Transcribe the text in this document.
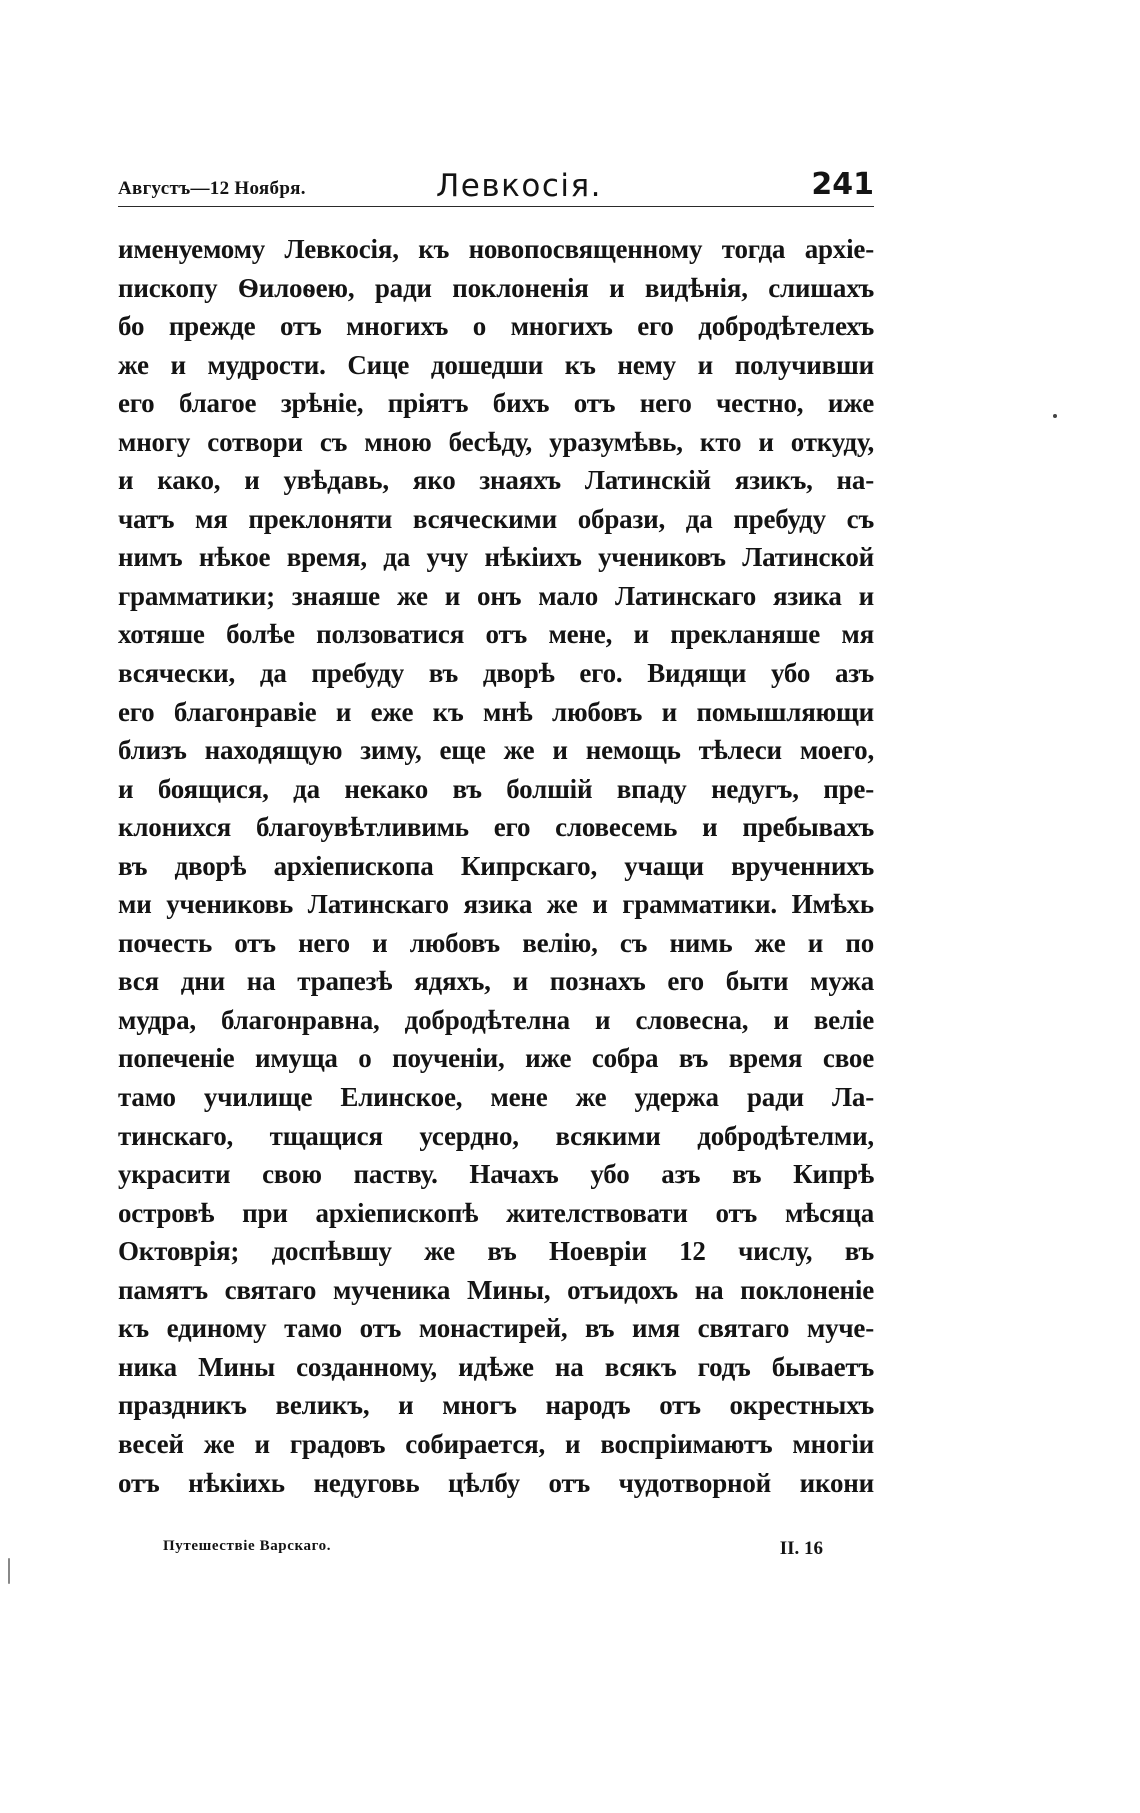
Августъ—12 Ноября.	Левкосія.	241
именуемому Левкосія, къ новопосвященному тогда архіе-
пископу Ѳилоѳею, ради поклоненія и видѣнія, слишахъ
бо прежде отъ многихъ о многихъ его добродѣтелехъ
же и мудрости. Сице дошедши къ нему и получивши
его благое зрѣніе, пріятъ бихъ отъ него честно, иже
многу сотвори съ мною бесѣду, уразумѣвь, кто и откуду,
и како, и увѣдавь, яко знаяхъ Латинскій язикъ, на-
чатъ мя преклоняти всяческими образи, да пребуду съ
нимъ нѣкое время, да учу нѣкіихъ учениковъ Латинской
грамматики; знаяше же и онъ мало Латинскаго язика и
хотяше болѣе ползоватися отъ мене, и прекланяше мя
всячески, да пребуду въ дворѣ его. Видящи убо азъ
его благонравіе и еже къ мнѣ любовъ и помышляющи
близъ находящую зиму, еще же и немощь тѣлеси моего,
и боящися, да некако въ болшій впаду недугъ, пре-
клонихся благоувѣтливимь его словесемь и пребывахъ
въ дворѣ архіепископа Кипрскаго, учащи врученнихъ
ми учениковь Латинскаго язика же и грамматики. Имѣхь
почесть отъ него и любовъ велію, съ нимь же и по
вся дни на трапезѣ ядяхъ, и познахъ его быти мужа
мудра, благонравна, добродѣтелна и словесна, и веліе
попеченіе имуща о поученіи, иже собра въ время свое
тамо училище Елинское, мене же удержа ради Ла-
тинскаго, тщащися усердно, всякими добродѣтелми,
украсити свою паству. Начахъ убо азъ въ Кипрѣ
островѣ при архіепископѣ жителствовати отъ мѣсяца
Октоврія; доспѣвшу же въ Ноевріи 12 числу, въ
памятъ святаго мученика Мины, отъидохъ на поклоненіе
къ единому тамо отъ монастирей, въ имя святаго муче-
ника Мины созданному, идѣже на всякъ годъ бываетъ
праздникъ великъ, и многъ народъ отъ окрестныхъ
весей же и градовъ собирается, и воспріимаютъ многіи
отъ нѣкіихь недуговь цѣлбу отъ чудотворной икони
Путешествіе Варскаго.	II. 16
